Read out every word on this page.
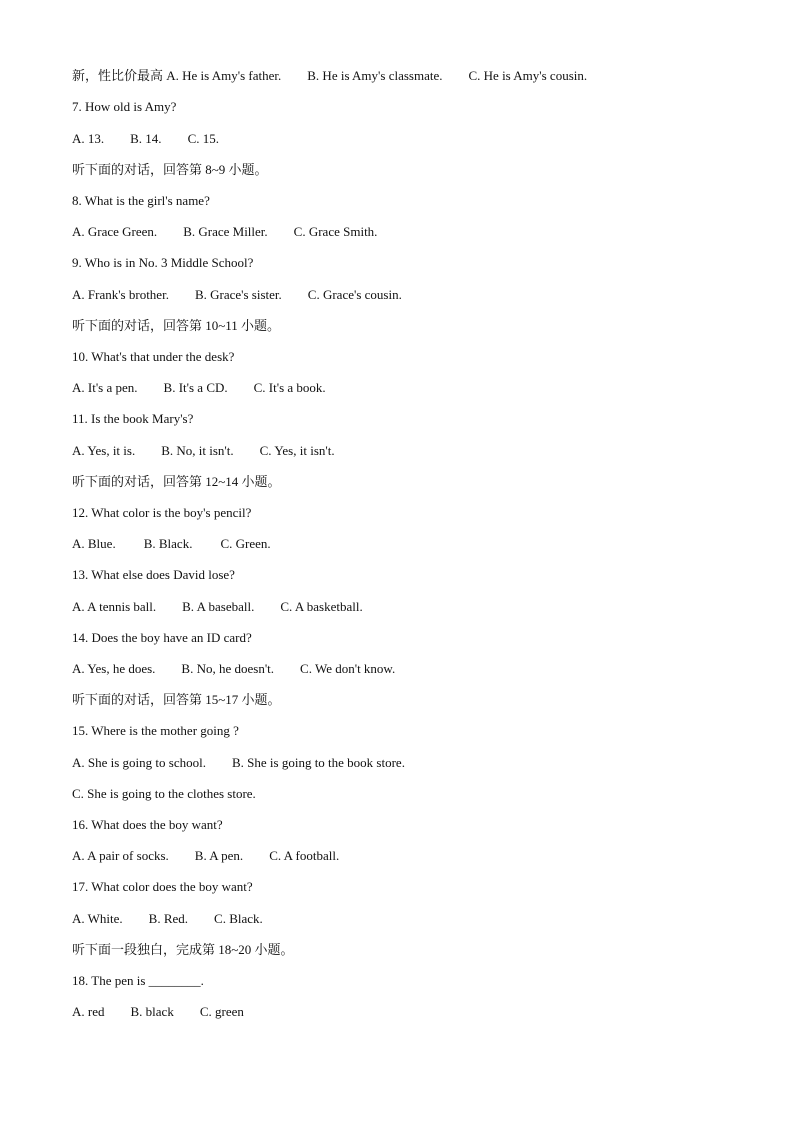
新，性比价最高 A. He is Amy's father. B. He is Amy's classmate. C. He is Amy's cousin.
7. How old is Amy?
A. 13. B. 14. C. 15.
听下面的对话，回答第 8~9 小题。
8. What is the girl's name?
A. Grace Green. B. Grace Miller. C. Grace Smith.
9. Who is in No. 3 Middle School?
A. Frank's brother. B. Grace's sister. C. Grace's cousin.
听下面的对话，回答第 10~11 小题。
10. What's that under the desk?
A. It's a pen. B. It's a CD. C. It's a book.
11. Is the book Mary's?
A. Yes, it is. B. No, it isn't. C. Yes, it isn't.
听下面的对话，回答第 12~14 小题。
12. What color is the boy's pencil?
A. Blue. B. Black. C. Green.
13. What else does David lose?
A. A tennis ball. B. A baseball. C. A basketball.
14. Does the boy have an ID card?
A. Yes, he does. B. No, he doesn't. C. We don't know.
听下面的对话，回答第 15~17 小题。
15. Where is the mother going ?
A. She is going to school. B. She is going to the book store.
C. She is going to the clothes store.
16. What does the boy want?
A. A pair of socks. B. A pen. C. A football.
17. What color does the boy want?
A. White. B. Red. C. Black.
听下面一段独白，完成第 18~20 小题。
18. The pen is ________.
A. red B. black C. green
